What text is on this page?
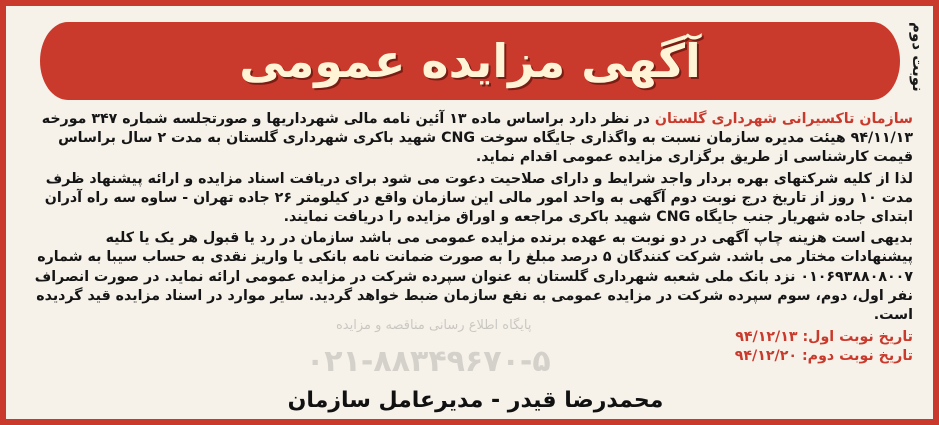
نوبت دوم
آگهی مزایده عمومی
پایگاه اطلاع رسانی مناقصه و مزایده
۰۲۱-۸۸۳۴۹۶۷۰-۵

سازمان تاکسیرانی شهرداری گلستان در نظر دارد براساس ماده ۱۳ آئین نامه مالی شهرداریها و صورتجلسه شماره ۳۴۷ مورخه ۹۴/۱۱/۱۳ هیئت مدیره سازمان نسبت به واگذاری جایگاه سوخت CNG شهید باکری شهرداری گلستان به مدت ۲ سال براساس قیمت کارشناسی از طریق برگزاری مزایده عمومی اقدام نماید.

لذا از کلیه شرکتهای بهره بردار واجد شرایط و دارای صلاحیت دعوت می شود برای دریافت اسناد مزایده و ارائه پیشنهاد ظرف مدت ۱۰ روز از تاریخ درج نوبت دوم آگهی به واحد امور مالی این سازمان واقع در کیلومتر ۲۶ جاده تهران - ساوه سه راه آدران ابتدای جاده شهریار جنب جایگاه CNG شهید باکری مراجعه و اوراق مزایده را دریافت نمایند.

بدیهی است هزینه چاپ آگهی در دو نوبت به عهده برنده مزایده عمومی می باشد سازمان در رد یا قبول هر یک یا کلیه پیشنهادات مختار می باشد. شرکت کنندگان ۵ درصد مبلغ را به صورت ضمانت نامه بانکی یا واریز نقدی به حساب سیبا به شماره ۰۱۰۶۹۳۸۸۰۸۰۰۷ نزد بانک ملی شعبه شهرداری گلستان به عنوان سپرده شرکت در مزایده عمومی ارائه نماید. در صورت انصراف نفر اول، دوم، سوم سپرده شرکت در مزایده عمومی به نفع سازمان ضبط خواهد گردید. سایر موارد در اسناد مزایده قید گردیده است.

تاریخ نوبت اول: ۹۴/۱۲/۱۳
تاریخ نوبت دوم: ۹۴/۱۲/۲۰
محمدرضا قیدر - مدیرعامل سازمان
